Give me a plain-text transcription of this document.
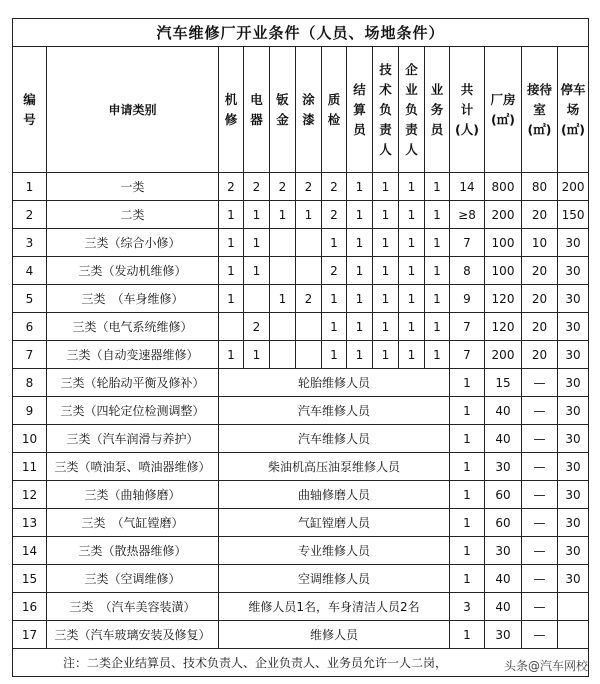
汽车维修厂开业条件（人员、场地条件）														
编号	申请类别	机修	电器	钣金	涂漆	质检	结算员	技术负责人	企业负责人	业务员	共计(人)	厂房(㎡)	接待室(㎡)	停车场(㎡)
1	一类	2	2	2	2	2	1	1	1	1	14	800	80	200
2	二类	1	1	1	1	2	1	1	1	1	≥8	200	20	150
3	三类（综合小修）	1	1			1	1	1	1	1	7	100	10	30
4	三类（发动机维修）	1	1			2	1	1	1	1	8	100	20	30
5	三类　（车身维修）	1		1	2	1	1	1	1	1	9	120	20	30
6	三类（电气系统维修）		2			1	1	1	1	1	7	120	20	30
7	三类（自动变速器维修）	1	1			1	1	1	1	1	7	200	20	30
8	三类（轮胎动平衡及修补）	轮胎维修人员									1	15	—	30
9	三类（四轮定位检测调整）	汽车维修人员									1	40	—	30
10	三类（汽车润滑与养护）	汽车维修人员									1	40	—	30
11	三类（喷油泵、喷油器维修）	柴油机高压油泵维修人员									1	30	—	30
12	三类（曲轴修磨）	曲轴修磨人员									1	60	—	30
13	三类　（气缸镗磨）	气缸镗磨人员									1	60	—	30
14	三类（散热器维修）	专业维修人员									1	30	—	30
15	三类（空调维修）	空调维修人员									1	40	—	30
16	三类　（汽车美容装潢）	维修人员1名，车身清洁人员2名									3	40	—	
17	三类（汽车玻璃安装及修复）	维修人员									1	30	—	
注：二类企业结算员、技术负责人、企业负责人、业务员允许一人二岗，															头条@汽车网校
